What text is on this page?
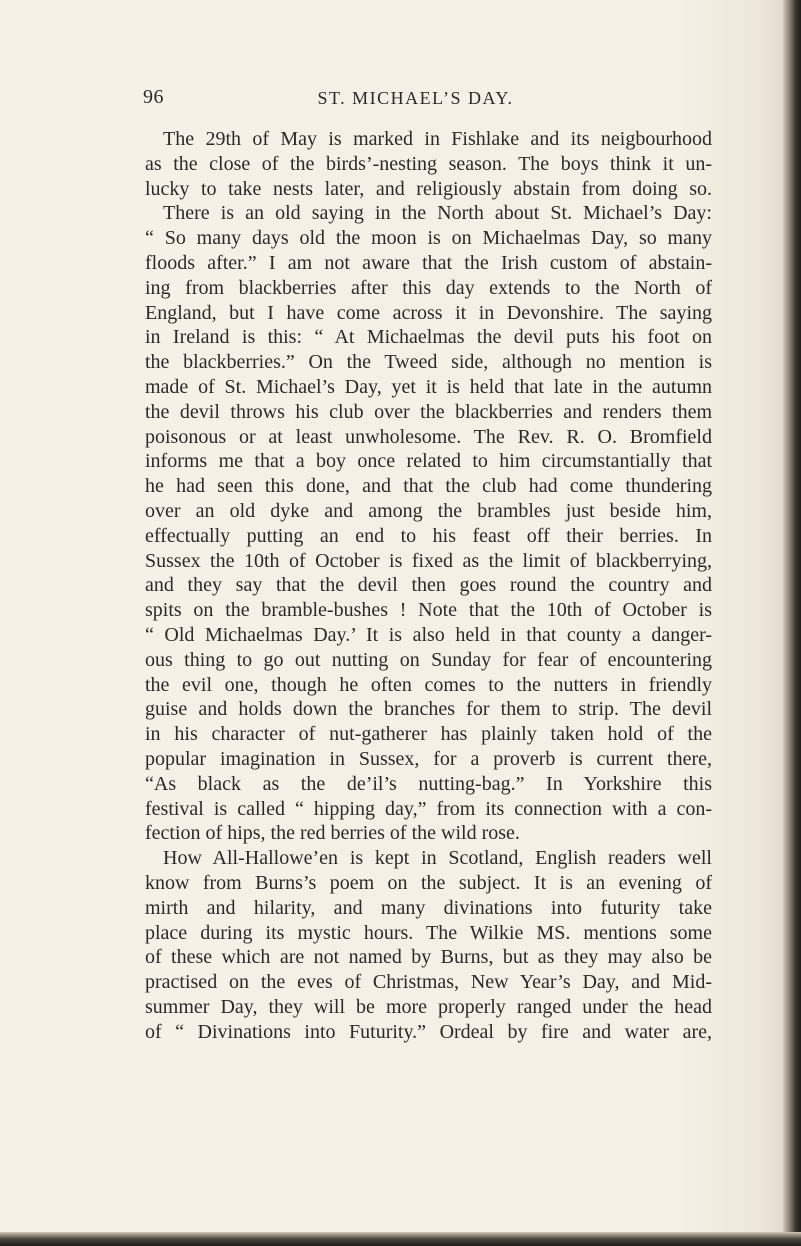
96	ST. MICHAEL’S DAY.
The 29th of May is marked in Fishlake and its neigbourhood
as the close of the birds’-nesting season. The boys think it un-
lucky to take nests later, and religiously abstain from doing so.
There is an old saying in the North about St. Michael’s Day:
“ So many days old the moon is on Michaelmas Day, so many
floods after.” I am not aware that the Irish custom of abstain-
ing from blackberries after this day extends to the North of
England, but I have come across it in Devonshire. The saying
in Ireland is this: “ At Michaelmas the devil puts his foot on
the blackberries.” On the Tweed side, although no mention is
made of St. Michael’s Day, yet it is held that late in the autumn
the devil throws his club over the blackberries and renders them
poisonous or at least unwholesome. The Rev. R. O. Bromfield
informs me that a boy once related to him circumstantially that
he had seen this done, and that the club had come thundering
over an old dyke and among the brambles just beside him,
effectually putting an end to his feast off their berries. In
Sussex the 10th of October is fixed as the limit of blackberrying,
and they say that the devil then goes round the country and
spits on the bramble-bushes ! Note that the 10th of October is
“ Old Michaelmas Day.’ It is also held in that county a danger-
ous thing to go out nutting on Sunday for fear of encountering
the evil one, though he often comes to the nutters in friendly
guise and holds down the branches for them to strip. The devil
in his character of nut-gatherer has plainly taken hold of the
popular imagination in Sussex, for a proverb is current there,
“As black as the de’il’s nutting-bag.” In Yorkshire this
festival is called “ hipping day,” from its connection with a con-
fection of hips, the red berries of the wild rose.
How All-Hallowe’en is kept in Scotland, English readers well
know from Burns’s poem on the subject. It is an evening of
mirth and hilarity, and many divinations into futurity take
place during its mystic hours. The Wilkie MS. mentions some
of these which are not named by Burns, but as they may also be
practised on the eves of Christmas, New Year’s Day, and Mid-
summer Day, they will be more properly ranged under the head
of “ Divinations into Futurity.” Ordeal by fire and water are,
